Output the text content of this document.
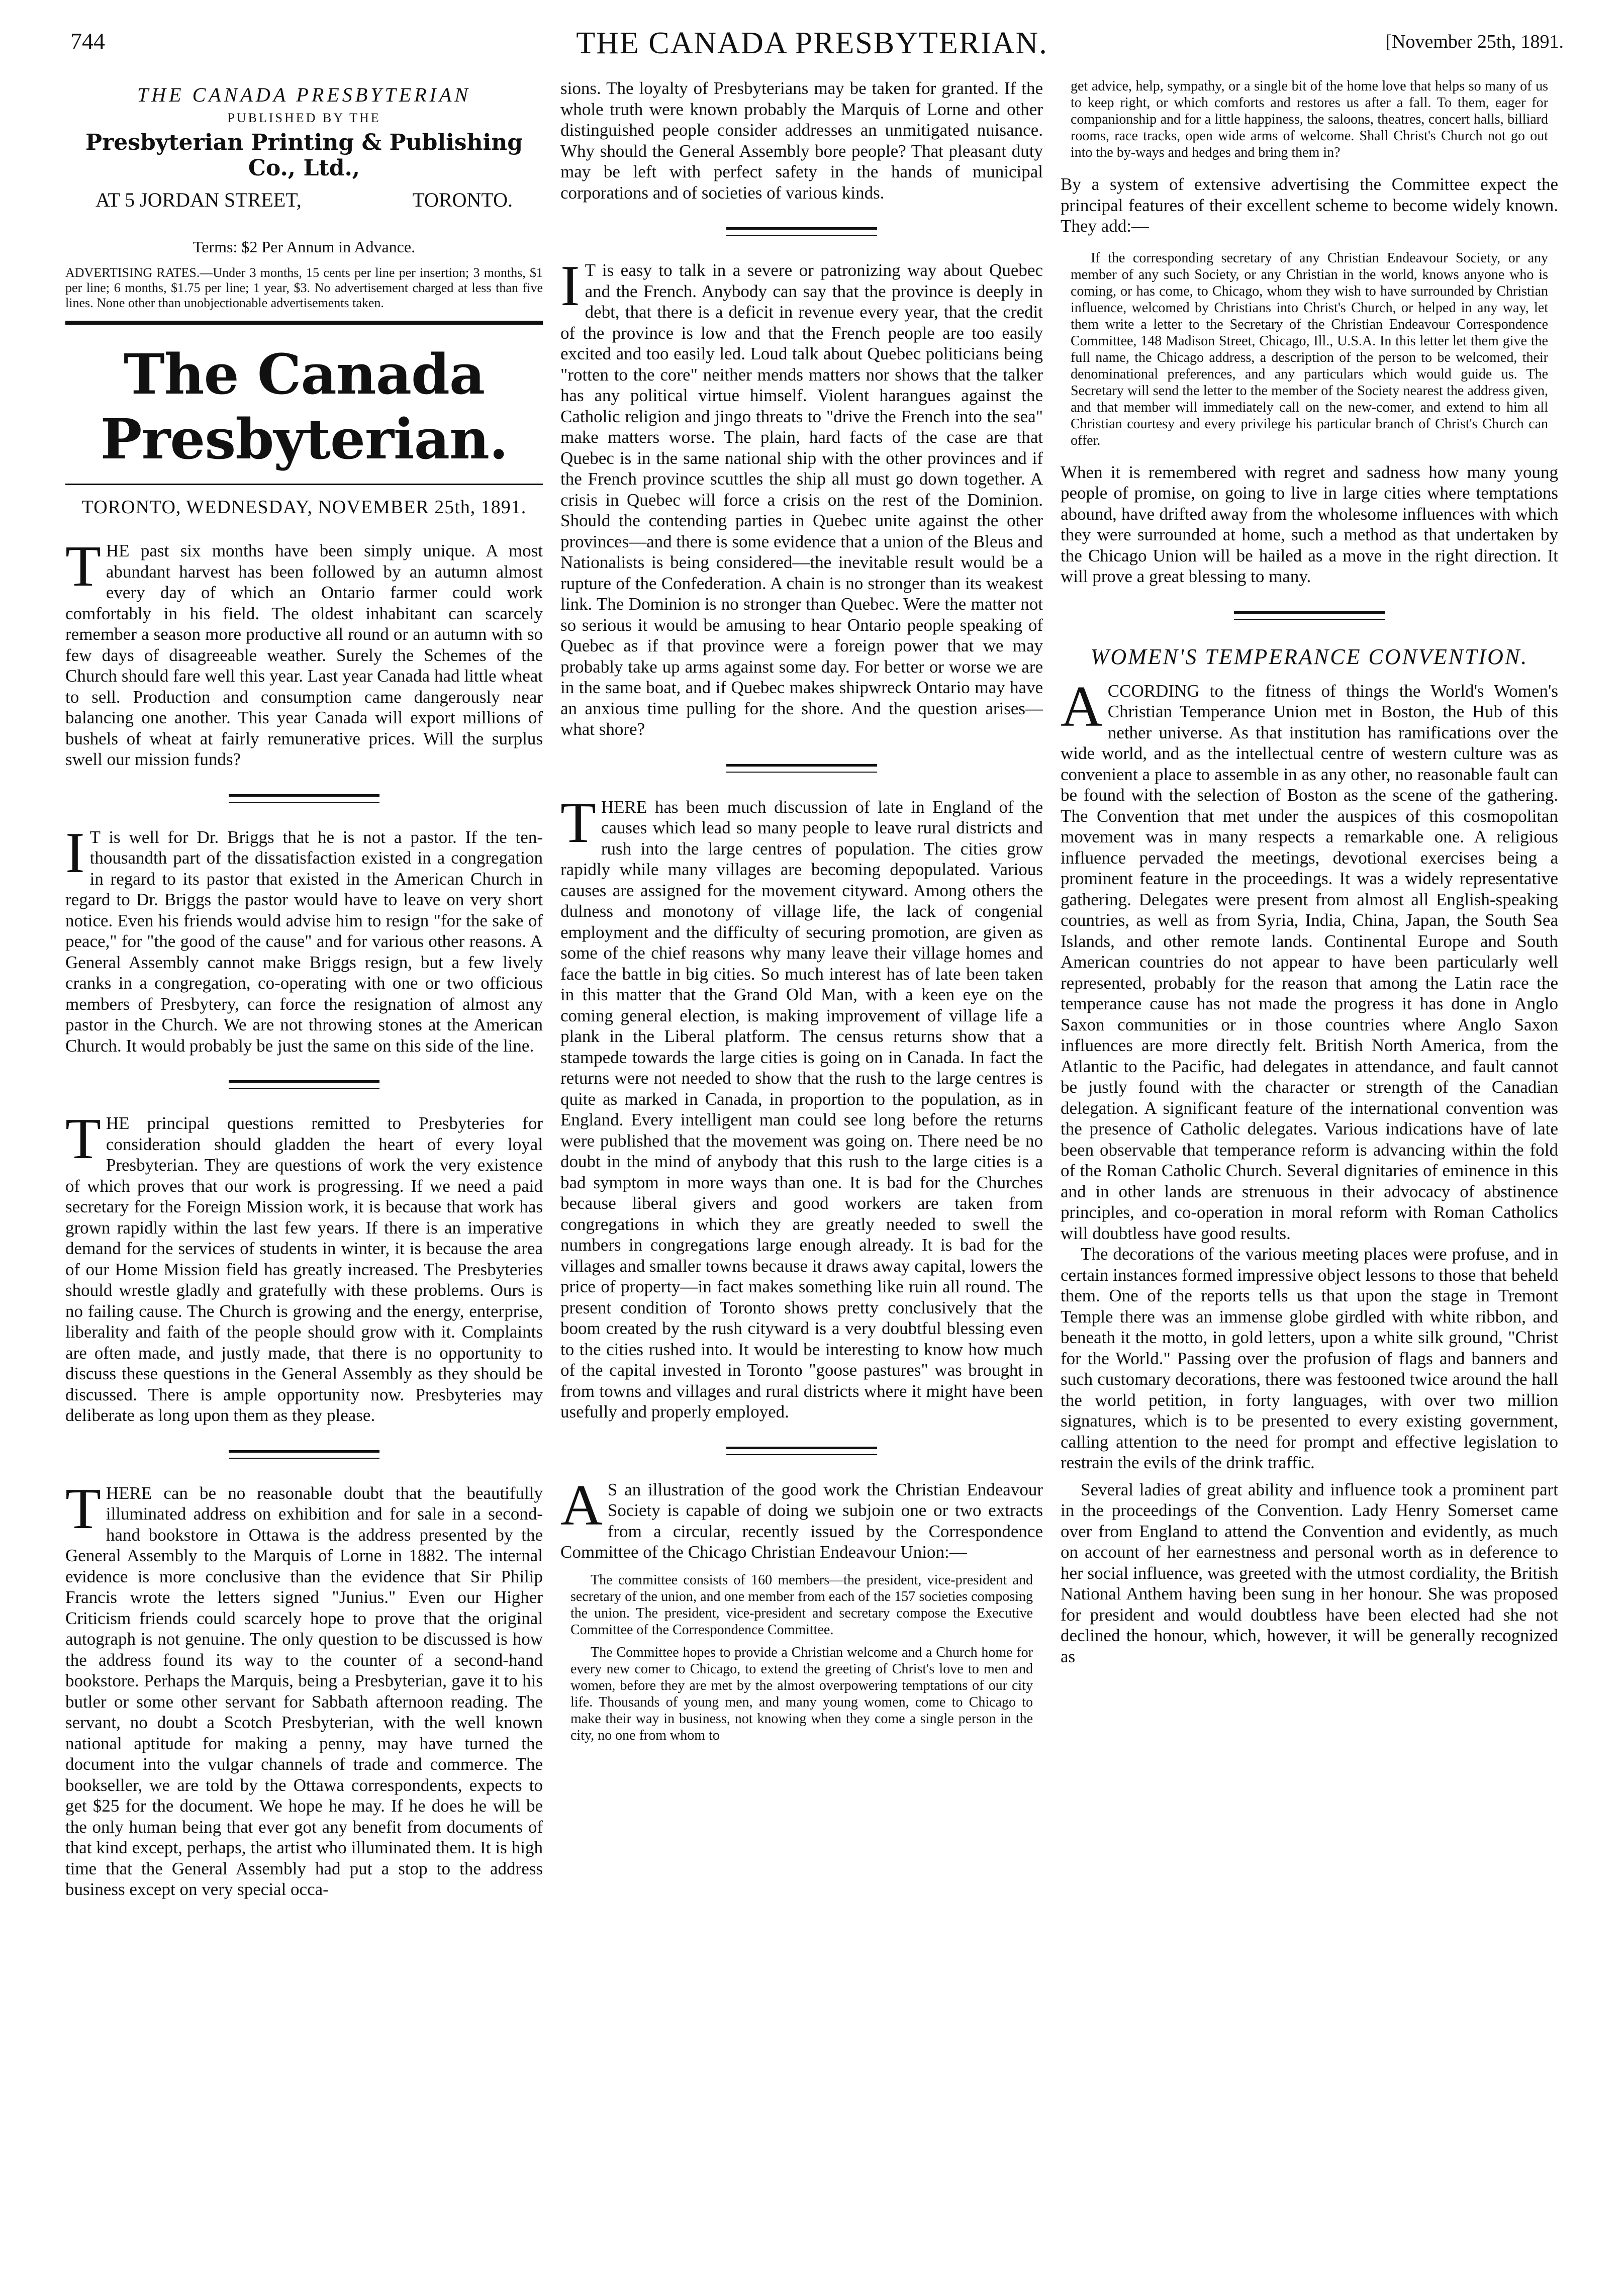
744	THE CANADA PRESBYTERIAN.	[November 25th, 1891.
THE CANADA PRESBYTERIAN
PUBLISHED BY THE
Presbyterian Printing & Publishing Co., Ltd.,
AT 5 JORDAN STREET,	TORONTO.
Terms: $2 Per Annum in Advance.
ADVERTISING RATES.—Under 3 months, 15 cents per line per insertion; 3 months, $1 per line; 6 months, $1.75 per line; 1 year, $3. No advertisement charged at less than five lines. None other than unobjectionable advertisements taken.
The Canada Presbyterian.
TORONTO, WEDNESDAY, NOVEMBER 25th, 1891.

THE past six months have been simply unique. A most abundant harvest has been followed by an autumn almost every day of which an Ontario farmer could work comfortably in his field. The oldest inhabitant can scarcely remember a season more productive all round or an autumn with so few days of disagreeable weather. Surely the Schemes of the Church should fare well this year. Last year Canada had little wheat to sell. Production and consumption came dangerously near balancing one another. This year Canada will export millions of bushels of wheat at fairly remunerative prices. Will the surplus swell our mission funds?

I T is well for Dr. Briggs that he is not a pastor. If the ten-thousandth part of the dissatisfaction existed in a congregation in regard to its pastor that existed in the American Church in regard to Dr. Briggs the pastor would have to leave on very short notice. Even his friends would advise him to resign "for the sake of peace," for "the good of the cause" and for various other reasons. A General Assembly cannot make Briggs resign, but a few lively cranks in a congregation, co-operating with one or two officious members of Presbytery, can force the resignation of almost any pastor in the Church. We are not throwing stones at the American Church. It would probably be just the same on this side of the line.

THE principal questions remitted to Presbyteries for consideration should gladden the heart of every loyal Presbyterian. They are questions of work the very existence of which proves that our work is progressing. If we need a paid secretary for the Foreign Mission work, it is because that work has grown rapidly within the last few years. If there is an imperative demand for the services of students in winter, it is because the area of our Home Mission field has greatly increased. The Presbyteries should wrestle gladly and gratefully with these problems. Ours is no failing cause. The Church is growing and the energy, enterprise, liberality and faith of the people should grow with it. Complaints are often made, and justly made, that there is no opportunity to discuss these questions in the General Assembly as they should be discussed. There is ample opportunity now. Presbyteries may deliberate as long upon them as they please.

THERE can be no reasonable doubt that the beautifully illuminated address on exhibition and for sale in a second-hand bookstore in Ottawa is the address presented by the General Assembly to the Marquis of Lorne in 1882. The internal evidence is more conclusive than the evidence that Sir Philip Francis wrote the letters signed "Junius." Even our Higher Criticism friends could scarcely hope to prove that the original autograph is not genuine. The only question to be discussed is how the address found its way to the counter of a second-hand bookstore. Perhaps the Marquis, being a Presbyterian, gave it to his butler or some other servant for Sabbath afternoon reading. The servant, no doubt a Scotch Presbyterian, with the well known national aptitude for making a penny, may have turned the document into the vulgar channels of trade and commerce. The bookseller, we are told by the Ottawa correspondents, expects to get $25 for the document. We hope he may. If he does he will be the only human being that ever got any benefit from documents of that kind except, perhaps, the artist who illuminated them. It is high time that the General Assembly had put a stop to the address business except on very special occa-

sions. The loyalty of Presbyterians may be taken for granted. If the whole truth were known probably the Marquis of Lorne and other distinguished people consider addresses an unmitigated nuisance. Why should the General Assembly bore people? That pleasant duty may be left with perfect safety in the hands of municipal corporations and of societies of various kinds.

I T is easy to talk in a severe or patronizing way about Quebec and the French. Anybody can say that the province is deeply in debt, that there is a deficit in revenue every year, that the credit of the province is low and that the French people are too easily excited and too easily led. Loud talk about Quebec politicians being "rotten to the core" neither mends matters nor shows that the talker has any political virtue himself. Violent harangues against the Catholic religion and jingo threats to "drive the French into the sea" make matters worse. The plain, hard facts of the case are that Quebec is in the same national ship with the other provinces and if the French province scuttles the ship all must go down together. A crisis in Quebec will force a crisis on the rest of the Dominion. Should the contending parties in Quebec unite against the other provinces—and there is some evidence that a union of the Bleus and Nationalists is being considered—the inevitable result would be a rupture of the Confederation. A chain is no stronger than its weakest link. The Dominion is no stronger than Quebec. Were the matter not so serious it would be amusing to hear Ontario people speaking of Quebec as if that province were a foreign power that we may probably take up arms against some day. For better or worse we are in the same boat, and if Quebec makes shipwreck Ontario may have an anxious time pulling for the shore. And the question arises—what shore?

THERE has been much discussion of late in England of the causes which lead so many people to leave rural districts and rush into the large centres of population. The cities grow rapidly while many villages are becoming depopulated. Various causes are assigned for the movement cityward. Among others the dulness and monotony of village life, the lack of congenial employment and the difficulty of securing promotion, are given as some of the chief reasons why many leave their village homes and face the battle in big cities. So much interest has of late been taken in this matter that the Grand Old Man, with a keen eye on the coming general election, is making improvement of village life a plank in the Liberal platform. The census returns show that a stampede towards the large cities is going on in Canada. In fact the returns were not needed to show that the rush to the large centres is quite as marked in Canada, in proportion to the population, as in England. Every intelligent man could see long before the returns were published that the movement was going on. There need be no doubt in the mind of anybody that this rush to the large cities is a bad symptom in more ways than one. It is bad for the Churches because liberal givers and good workers are taken from congregations in which they are greatly needed to swell the numbers in congregations large enough already. It is bad for the villages and smaller towns because it draws away capital, lowers the price of property—in fact makes something like ruin all round. The present condition of Toronto shows pretty conclusively that the boom created by the rush cityward is a very doubtful blessing even to the cities rushed into. It would be interesting to know how much of the capital invested in Toronto "goose pastures" was brought in from towns and villages and rural districts where it might have been usefully and properly employed.

A S an illustration of the good work the Christian Endeavour Society is capable of doing we subjoin one or two extracts from a circular, recently issued by the Correspondence Committee of the Chicago Christian Endeavour Union:—

The committee consists of 160 members—the president, vice-president and secretary of the union, and one member from each of the 157 societies composing the union. The president, vice-president and secretary compose the Executive Committee of the Correspondence Committee.

The Committee hopes to provide a Christian welcome and a Church home for every new comer to Chicago, to extend the greeting of Christ's love to men and women, before they are met by the almost overpowering temptations of our city life. Thousands of young men, and many young women, come to Chicago to make their way in business, not knowing when they come a single person in the city, no one from whom to

get advice, help, sympathy, or a single bit of the home love that helps so many of us to keep right, or which comforts and restores us after a fall. To them, eager for companionship and for a little happiness, the saloons, theatres, concert halls, billiard rooms, race tracks, open wide arms of welcome. Shall Christ's Church not go out into the by-ways and hedges and bring them in?

By a system of extensive advertising the Committee expect the principal features of their excellent scheme to become widely known. They add:—

If the corresponding secretary of any Christian Endeavour Society, or any member of any such Society, or any Christian in the world, knows anyone who is coming, or has come, to Chicago, whom they wish to have surrounded by Christian influence, welcomed by Christians into Christ's Church, or helped in any way, let them write a letter to the Secretary of the Christian Endeavour Correspondence Committee, 148 Madison Street, Chicago, Ill., U.S.A. In this letter let them give the full name, the Chicago address, a description of the person to be welcomed, their denominational preferences, and any particulars which would guide us. The Secretary will send the letter to the member of the Society nearest the address given, and that member will immediately call on the new-comer, and extend to him all Christian courtesy and every privilege his particular branch of Christ's Church can offer.

When it is remembered with regret and sadness how many young people of promise, on going to live in large cities where temptations abound, have drifted away from the wholesome influences with which they were surrounded at home, such a method as that undertaken by the Chicago Union will be hailed as a move in the right direction. It will prove a great blessing to many.

WOMEN'S TEMPERANCE CONVENTION.

ACCORDING to the fitness of things the World's Women's Christian Temperance Union met in Boston, the Hub of this nether universe. As that institution has ramifications over the wide world, and as the intellectual centre of western culture was as convenient a place to assemble in as any other, no reasonable fault can be found with the selection of Boston as the scene of the gathering. The Convention that met under the auspices of this cosmopolitan movement was in many respects a remarkable one. A religious influence pervaded the meetings, devotional exercises being a prominent feature in the proceedings. It was a widely representative gathering. Delegates were present from almost all English-speaking countries, as well as from Syria, India, China, Japan, the South Sea Islands, and other remote lands. Continental Europe and South American countries do not appear to have been particularly well represented, probably for the reason that among the Latin race the temperance cause has not made the progress it has done in Anglo Saxon communities or in those countries where Anglo Saxon influences are more directly felt. British North America, from the Atlantic to the Pacific, had delegates in attendance, and fault cannot be justly found with the character or strength of the Canadian delegation. A significant feature of the international convention was the presence of Catholic delegates. Various indications have of late been observable that temperance reform is advancing within the fold of the Roman Catholic Church. Several dignitaries of eminence in this and in other lands are strenuous in their advocacy of abstinence principles, and co-operation in moral reform with Roman Catholics will doubtless have good results.

The decorations of the various meeting places were profuse, and in certain instances formed impressive object lessons to those that beheld them. One of the reports tells us that upon the stage in Tremont Temple there was an immense globe girdled with white ribbon, and beneath it the motto, in gold letters, upon a white silk ground, "Christ for the World." Passing over the profusion of flags and banners and such customary decorations, there was festooned twice around the hall the world petition, in forty languages, with over two million signatures, which is to be presented to every existing government, calling attention to the need for prompt and effective legislation to restrain the evils of the drink traffic.

Several ladies of great ability and influence took a prominent part in the proceedings of the Convention. Lady Henry Somerset came over from England to attend the Convention and evidently, as much on account of her earnestness and personal worth as in deference to her social influence, was greeted with the utmost cordiality, the British National Anthem having been sung in her honour. She was proposed for president and would doubtless have been elected had she not declined the honour, which, however, it will be generally recognized as
